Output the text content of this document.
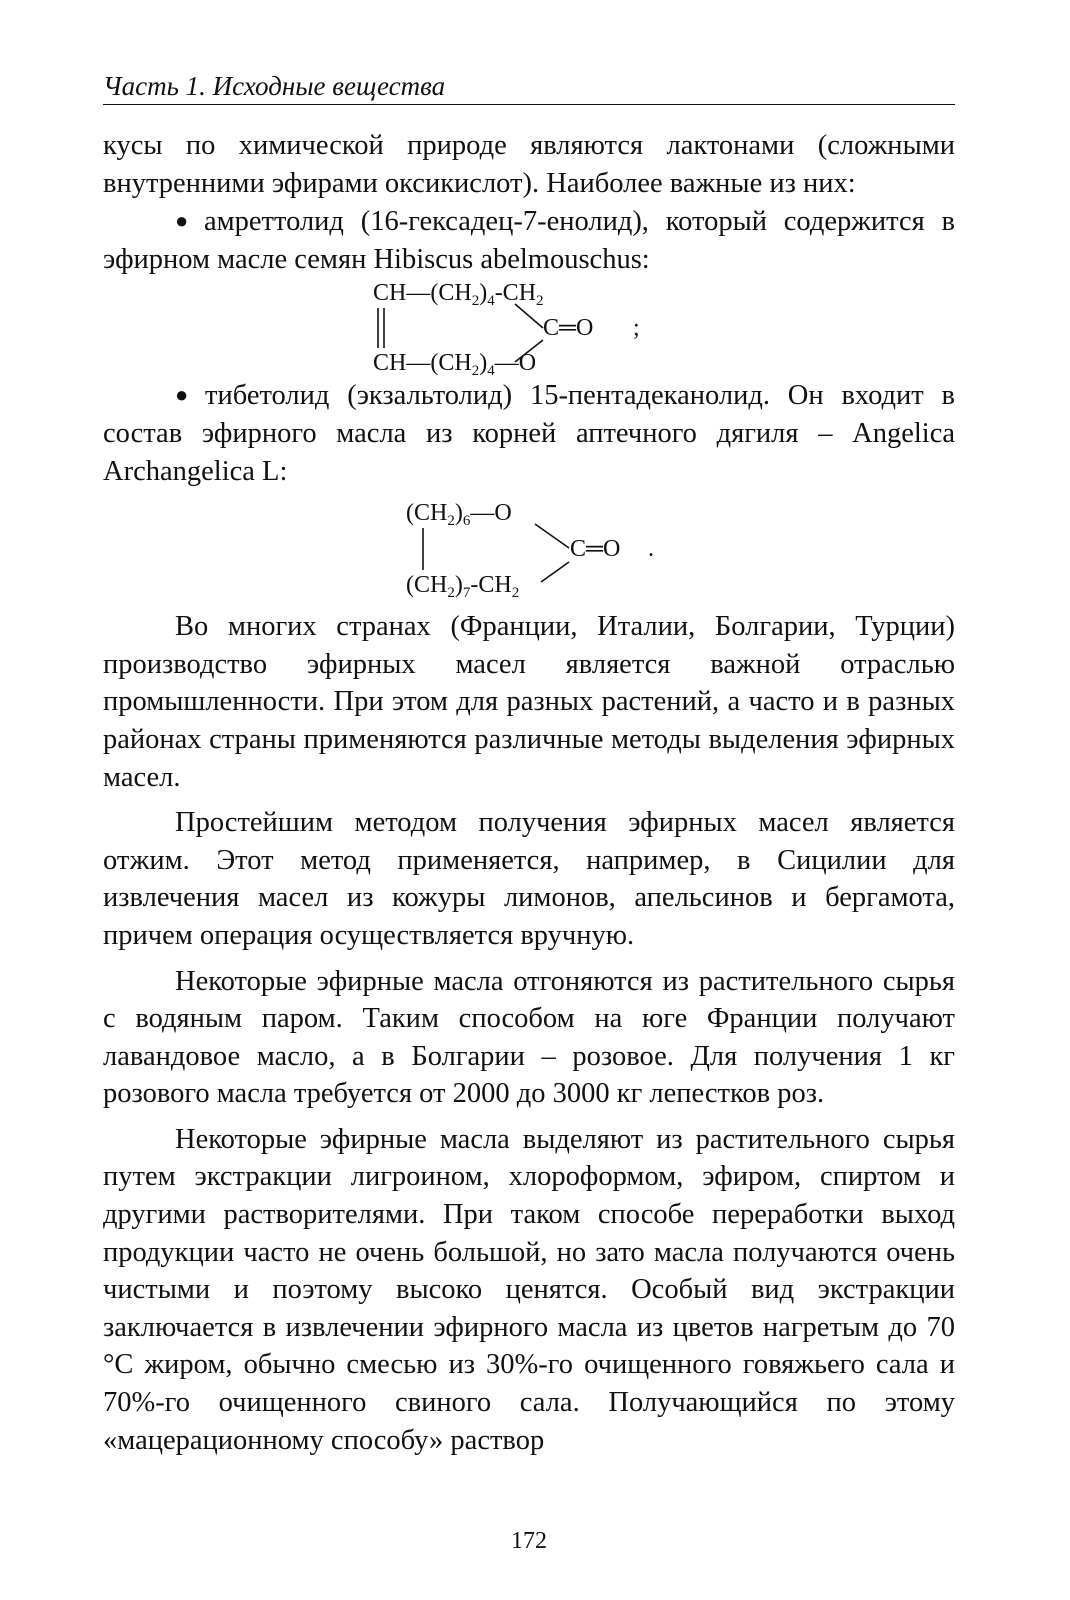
Часть 1. Исходные вещества

кусы по химической природе являются лактонами (сложными внутренними эфирами оксикислот). Наиболее важные из них:

● амреттолид (16-гексадец-7-енолид), который содержится в эфирном масле семян Hibiscus abelmouschus:

$CH—(CH_2)_4-CH_2$
C═O ;
$CH—(CH_2)_4—O$

● тибетолид (экзальтолид) 15-пентадеканолид. Он входит в состав эфирного масла из корней аптечного дягиля – Angelica Archangelica L:

$(CH_2)_6—O$
C═O .
$(CH_2)_7-CH_2$

Во многих странах (Франции, Италии, Болгарии, Турции) производство эфирных масел является важной отраслью промышленности. При этом для разных растений, а часто и в разных районах страны применяются различные методы выделения эфирных масел.

Простейшим методом получения эфирных масел является отжим. Этот метод применяется, например, в Сицилии для извлечения масел из кожуры лимонов, апельсинов и бергамота, причем операция осуществляется вручную.

Некоторые эфирные масла отгоняются из растительного сырья с водяным паром. Таким способом на юге Франции получают лавандовое масло, а в Болгарии – розовое. Для получения 1 кг розового масла требуется от 2000 до 3000 кг лепестков роз.

Некоторые эфирные масла выделяют из растительного сырья путем экстракции лигроином, хлороформом, эфиром, спиртом и другими растворителями. При таком способе переработки выход продукции часто не очень большой, но зато масла получаются очень чистыми и поэтому высоко ценятся. Особый вид экстракции заключается в извлечении эфирного масла из цветов нагретым до 70 °C жиром, обычно смесью из 30%-го очищенного говяжьего сала и 70%-го очищенного свиного сала. Получающийся по этому «мацерационному способу» раствор

172
